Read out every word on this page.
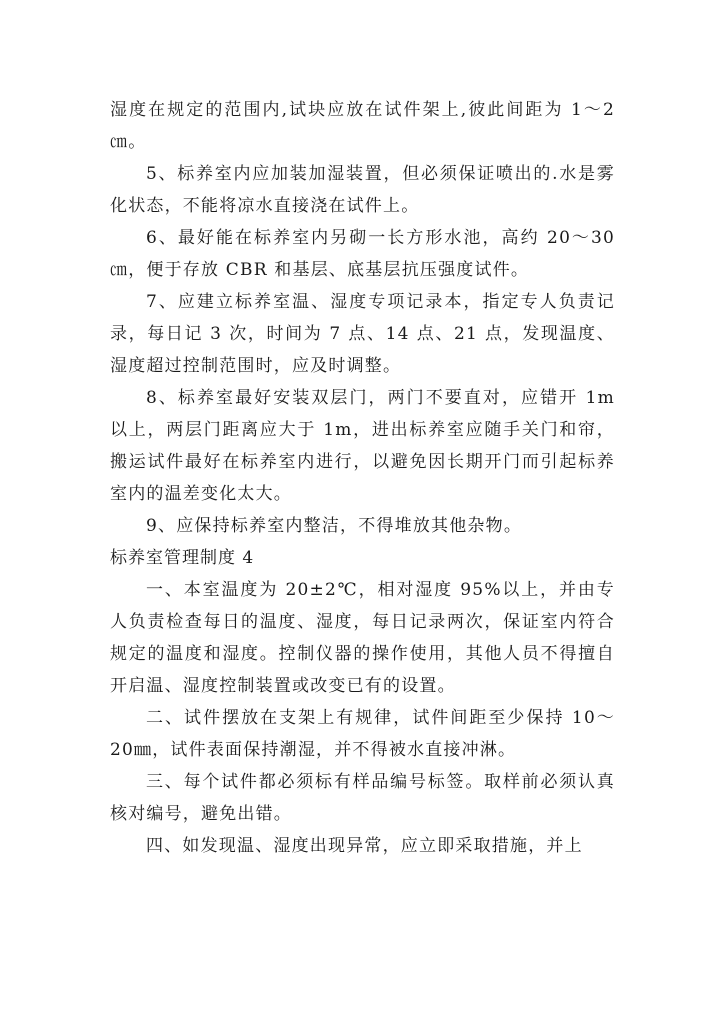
湿度在规定的范围内,试块应放在试件架上,彼此间距为 1～2 ㎝。

5、标养室内应加装加湿装置，但必须保证喷出的.水是雾化状态，不能将凉水直接浇在试件上。

6、最好能在标养室内另砌一长方形水池，高约 20～30 ㎝，便于存放 CBR 和基层、底基层抗压强度试件。

7、应建立标养室温、湿度专项记录本，指定专人负责记录，每日记 3 次，时间为 7 点、14 点、21 点，发现温度、湿度超过控制范围时，应及时调整。

8、标养室最好安装双层门，两门不要直对，应错开 1m 以上，两层门距离应大于 1m，进出标养室应随手关门和帘，搬运试件最好在标养室内进行，以避免因长期开门而引起标养室内的温差变化太大。

9、应保持标养室内整洁，不得堆放其他杂物。

标养室管理制度 4

一、本室温度为 20±2℃，相对湿度 95%以上，并由专人负责检查每日的温度、湿度，每日记录两次，保证室内符合规定的温度和湿度。控制仪器的操作使用，其他人员不得擅自开启温、湿度控制装置或改变已有的设置。

二、试件摆放在支架上有规律，试件间距至少保持 10～20㎜，试件表面保持潮湿，并不得被水直接冲淋。

三、每个试件都必须标有样品编号标签。取样前必须认真核对编号，避免出错。

四、如发现温、湿度出现异常，应立即采取措施，并上
